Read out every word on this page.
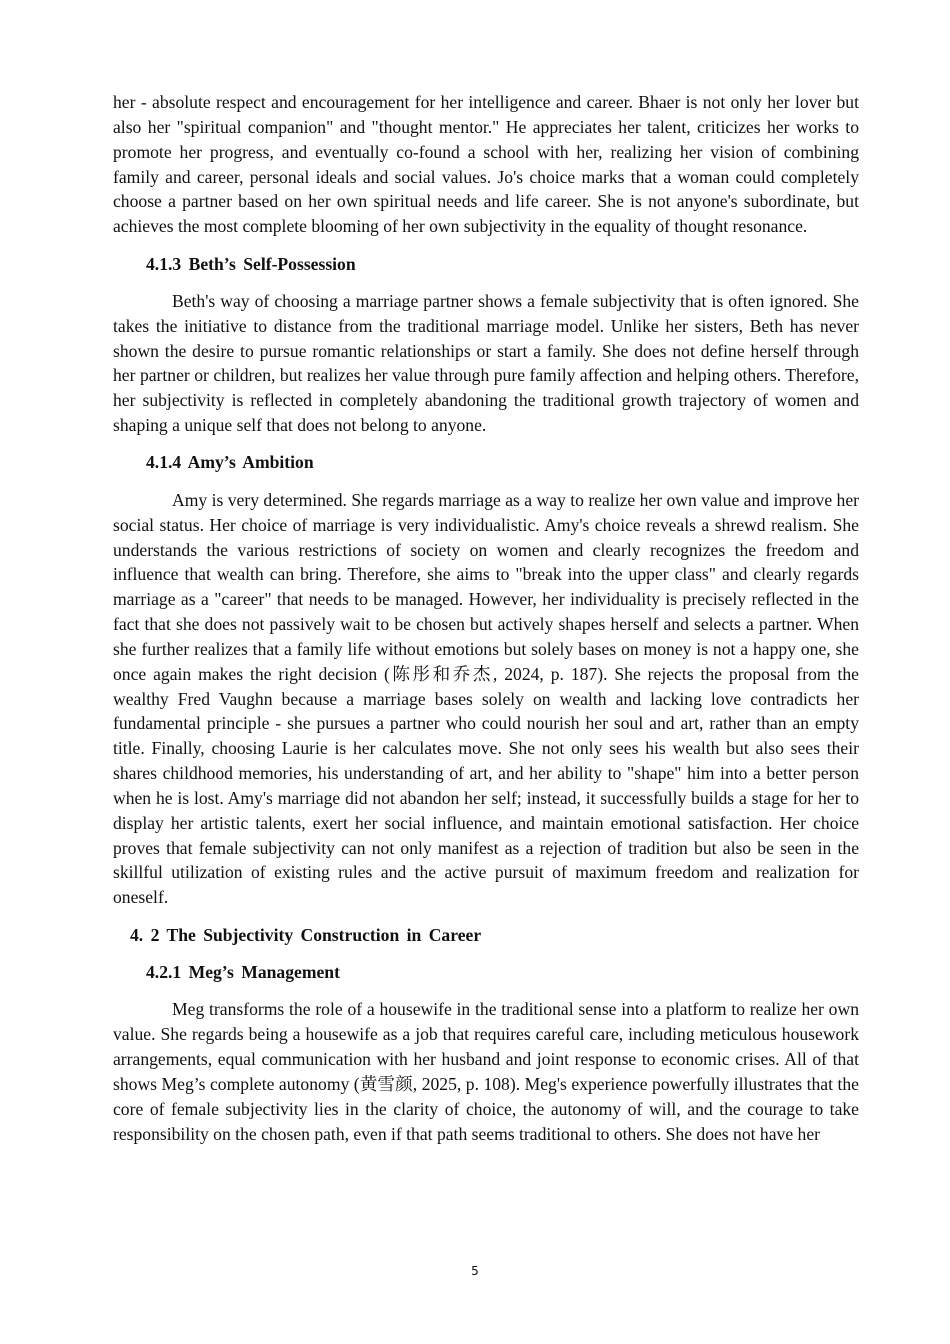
her - absolute respect and encouragement for her intelligence and career. Bhaer is not only her lover but also her "spiritual companion" and "thought mentor." He appreciates her talent, criticizes her works to promote her progress, and eventually co-found a school with her, realizing her vision of combining family and career, personal ideals and social values. Jo's choice marks that a woman could completely choose a partner based on her own spiritual needs and life career. She is not anyone's subordinate, but achieves the most complete blooming of her own subjectivity in the equality of thought resonance.

4.1.3 Beth’s Self-Possession

Beth's way of choosing a marriage partner shows a female subjectivity that is often ignored. She takes the initiative to distance from the traditional marriage model. Unlike her sisters, Beth has never shown the desire to pursue romantic relationships or start a family. She does not define herself through her partner or children, but realizes her value through pure family affection and helping others. Therefore, her subjectivity is reflected in completely abandoning the traditional growth trajectory of women and shaping a unique self that does not belong to anyone.

4.1.4 Amy’s Ambition

Amy is very determined. She regards marriage as a way to realize her own value and improve her social status. Her choice of marriage is very individualistic. Amy's choice reveals a shrewd realism. She understands the various restrictions of society on women and clearly recognizes the freedom and influence that wealth can bring. Therefore, she aims to "break into the upper class" and clearly regards marriage as a "career" that needs to be managed. However, her individuality is precisely reflected in the fact that she does not passively wait to be chosen but actively shapes herself and selects a partner. When she further realizes that a family life without emotions but solely bases on money is not a happy one, she once again makes the right decision (陈彤和乔杰, 2024, p. 187). She rejects the proposal from the wealthy Fred Vaughn because a marriage bases solely on wealth and lacking love contradicts her fundamental principle - she pursues a partner who could nourish her soul and art, rather than an empty title. Finally, choosing Laurie is her calculates move. She not only sees his wealth but also sees their shares childhood memories, his understanding of art, and her ability to "shape" him into a better person when he is lost. Amy's marriage did not abandon her self; instead, it successfully builds a stage for her to display her artistic talents, exert her social influence, and maintain emotional satisfaction. Her choice proves that female subjectivity can not only manifest as a rejection of tradition but also be seen in the skillful utilization of existing rules and the active pursuit of maximum freedom and realization for oneself.

4. 2 The Subjectivity Construction in Career
4.2.1 Meg’s Management

Meg transforms the role of a housewife in the traditional sense into a platform to realize her own value. She regards being a housewife as a job that requires careful care, including meticulous housework arrangements, equal communication with her husband and joint response to economic crises. All of that shows Meg’s complete autonomy (黄雪颜, 2025, p. 108). Meg's experience powerfully illustrates that the core of female subjectivity lies in the clarity of choice, the autonomy of will, and the courage to take responsibility on the chosen path, even if that path seems traditional to others. She does not have her

5
